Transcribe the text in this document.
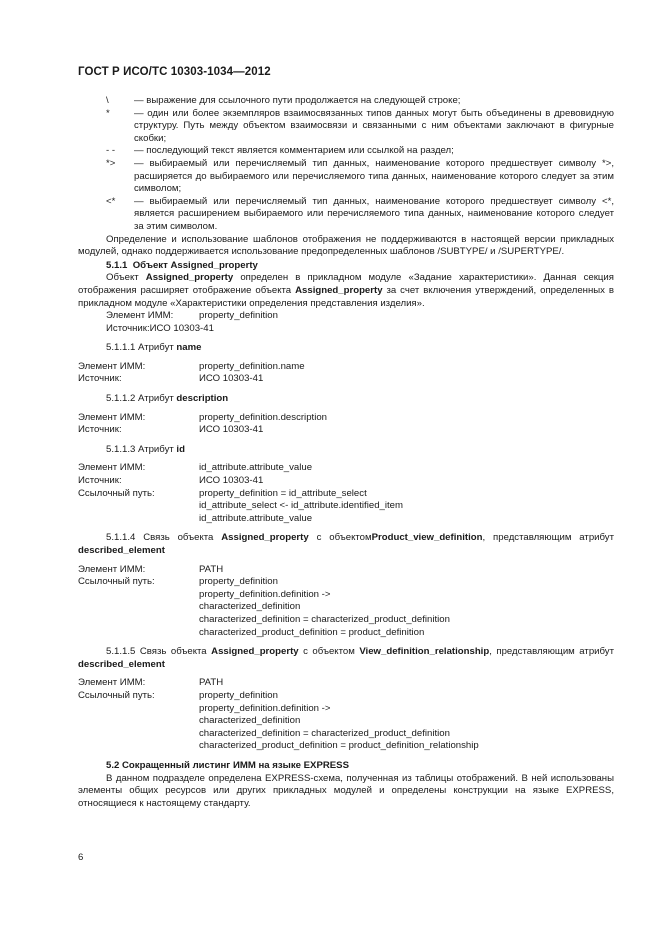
ГОСТ Р ИСО/ТС 10303-1034—2012
\	— выражение для ссылочного пути продолжается на следующей строке;
*	— один или более экземпляров взаимосвязанных типов данных могут быть объединены в древовидную структуру. Путь между объектом взаимосвязи и связанными с ним объектами заключают в фигурные скобки;
- -	— последующий текст является комментарием или ссылкой на раздел;
*>	— выбираемый или перечисляемый тип данных, наименование которого предшествует символу *>, расширяется до выбираемого или перечисляемого типа данных, наименование которого следует за этим символом;
<*	— выбираемый или перечисляемый тип данных, наименование которого предшествует символу <*, является расширением выбираемого или перечисляемого типа данных, наименование которого следует за этим символом.

Определение и использование шаблонов отображения не поддерживаются в настоящей версии прикладных модулей, однако поддерживается использование предопределенных шаблонов /SUBTYPE/ и /SUPERTYPE/.

5.1.1 Объект Assigned_property

Объект Assigned_property определен в прикладном модуле «Задание характеристики». Данная секция отображения расширяет отображение объекта Assigned_property за счет включения утверждений, определенных в прикладном модуле «Характеристики определения представления изделия».

Элемент ИММ:	property_definition
Источник: ИСО 10303-41
5.1.1.1 Атрибут name
Элемент ИММ:	property_definition.name
Источник:	ИСО 10303-41
5.1.1.2 Атрибут description
Элемент ИММ:	property_definition.description
Источник:	ИСО 10303-41
5.1.1.3 Атрибут id
Элемент ИММ:	id_attribute.attribute_value
Источник:	ИСО 10303-41
Ссылочный путь:	property_definition = id_attribute_select
id_attribute_select <- id_attribute.identified_item
id_attribute.attribute_value

5.1.1.4 Связь объекта Assigned_property с объектомProduct_view_definition, представляющим атрибут described_element

Элемент ИММ:	PATH
Ссылочный путь:	property_definition
property_definition.definition ->
characterized_definition
characterized_definition = characterized_product_definition
characterized_product_definition = product_definition

5.1.1.5 Связь объекта Assigned_property с объектом View_definition_relationship, представляющим атрибут described_element

Элемент ИММ:	PATH
Ссылочный путь:	property_definition
property_definition.definition ->
characterized_definition
characterized_definition = characterized_product_definition
characterized_product_definition = product_definition_relationship
5.2 Сокращенный листинг ИММ на языке EXPRESS

В данном подразделе определена EXPRESS-схема, полученная из таблицы отображений. В ней использованы элементы общих ресурсов или других прикладных модулей и определены конструкции на языке EXPRESS, относящиеся к настоящему стандарту.

6
